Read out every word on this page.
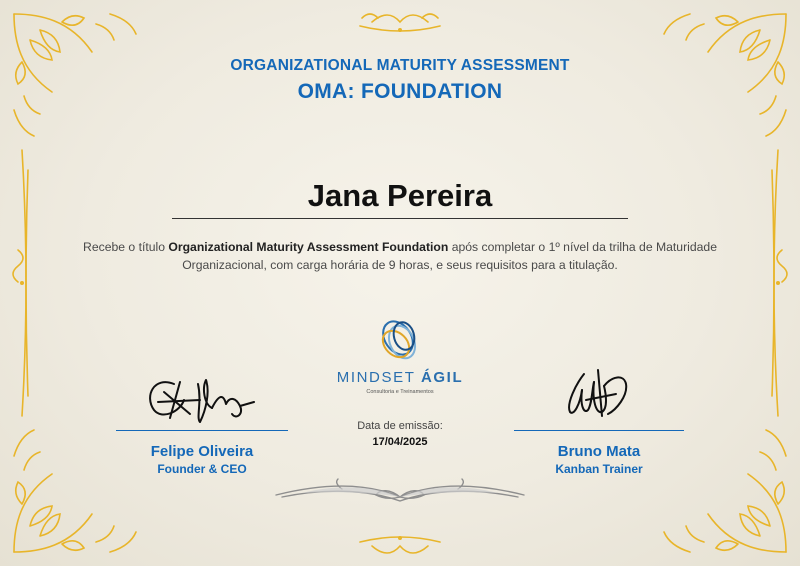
ORGANIZATIONAL MATURITY ASSESSMENT
OMA: FOUNDATION
Jana Pereira
Recebe o título Organizational Maturity Assessment Foundation após completar o 1º nível da trilha de Maturidade Organizacional, com carga horária de 9 horas, e seus requisitos para a titulação.
MINDSET ÁGIL
Consultoria e Treinamentos
Data de emissão:
17/04/2025
Felipe Oliveira
Founder & CEO
Bruno Mata
Kanban Trainer
